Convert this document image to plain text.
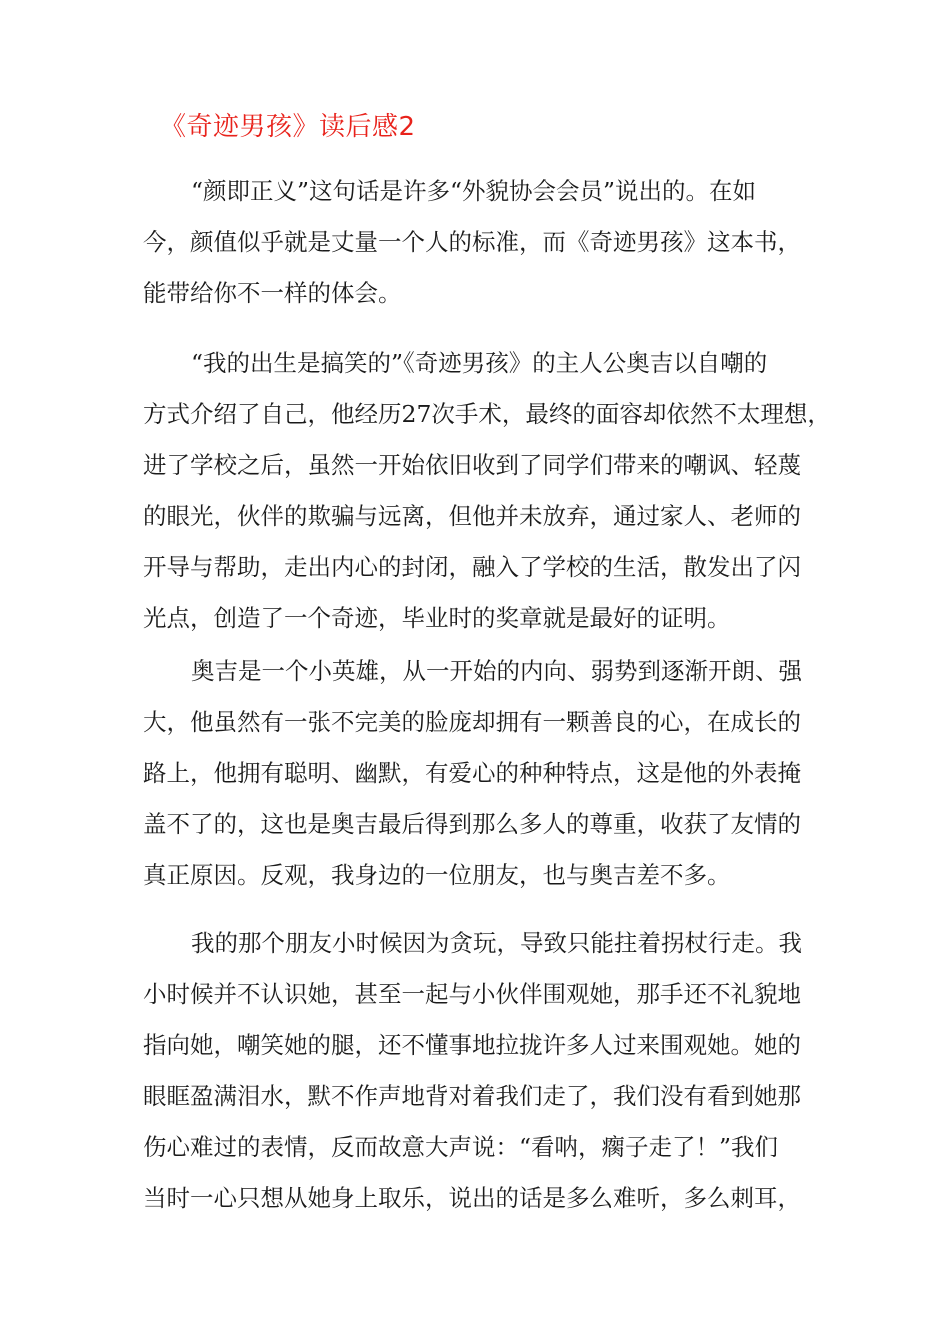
《奇迹男孩》读后感2
“颜即正义”这句话是许多“外貌协会会员”说出的。在如
今，颜值似乎就是丈量一个人的标准，而《奇迹男孩》这本书，
能带给你不一样的体会。
“我的出生是搞笑的”《奇迹男孩》的主人公奥吉以自嘲的
方式介绍了自己，他经历27次手术，最终的面容却依然不太理想，
进了学校之后，虽然一开始依旧收到了同学们带来的嘲讽、轻蔑
的眼光，伙伴的欺骗与远离，但他并未放弃，通过家人、老师的
开导与帮助，走出内心的封闭，融入了学校的生活，散发出了闪
光点，创造了一个奇迹，毕业时的奖章就是最好的证明。
奥吉是一个小英雄，从一开始的内向、弱势到逐渐开朗、强
大，他虽然有一张不完美的脸庞却拥有一颗善良的心，在成长的
路上，他拥有聪明、幽默，有爱心的种种特点，这是他的外表掩
盖不了的，这也是奥吉最后得到那么多人的尊重，收获了友情的
真正原因。反观，我身边的一位朋友，也与奥吉差不多。
我的那个朋友小时候因为贪玩，导致只能拄着拐杖行走。我
小时候并不认识她，甚至一起与小伙伴围观她，那手还不礼貌地
指向她，嘲笑她的腿，还不懂事地拉拢许多人过来围观她。她的
眼眶盈满泪水，默不作声地背对着我们走了，我们没有看到她那
伤心难过的表情，反而故意大声说：“看呐，瘸子走了！”我们
当时一心只想从她身上取乐，说出的话是多么难听，多么刺耳，
